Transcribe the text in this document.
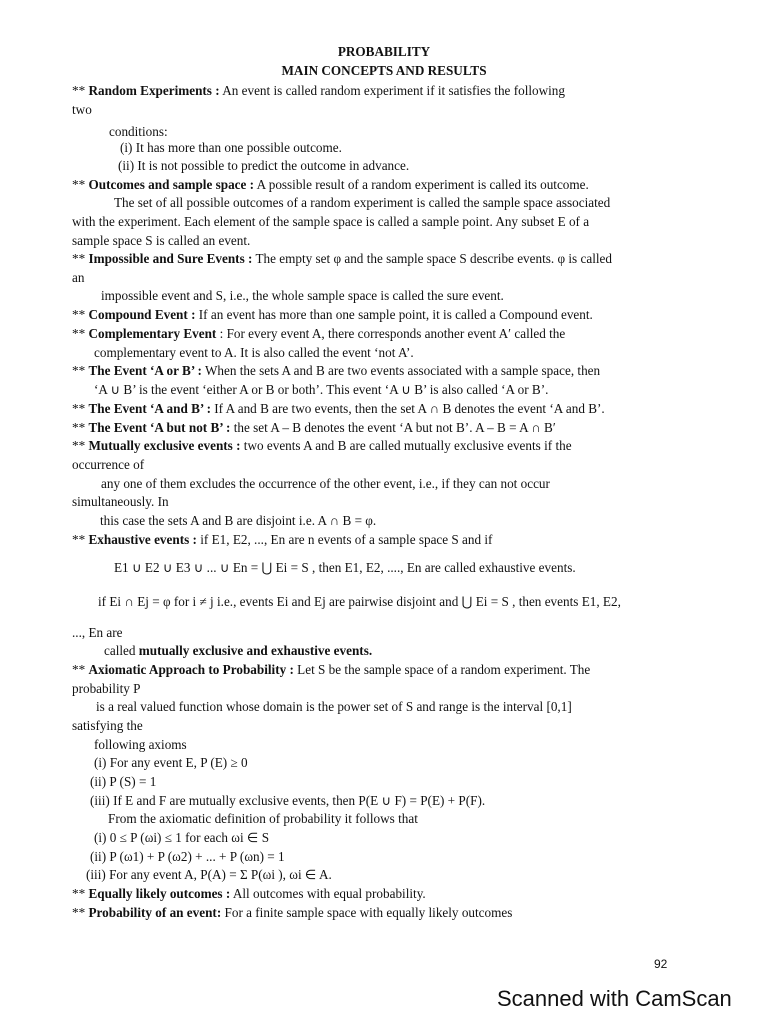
PROBABILITY
MAIN CONCEPTS AND RESULTS
** Random Experiments : An event is called random experiment if it satisfies the following
two
conditions:
(i) It has more than one possible outcome.
(ii) It is not possible to predict the outcome in advance.
** Outcomes and sample space : A possible result of a random experiment is called its outcome.
The set of all possible outcomes of a random experiment is called the sample space associated
with the experiment. Each element of the sample space is called a sample point. Any subset E of a
sample space S is called an event.
** Impossible and Sure Events : The empty set φ and the sample space S describe events. φ is called
an
impossible event and S, i.e., the whole sample space is called the sure event.
** Compound Event : If an event has more than one sample point, it is called a Compound event.
** Complementary Event : For every event A, there corresponds another event A′ called the
complementary event to A. It is also called the event ‘not A’.
** The Event ‘A or B’ : When the sets A and B are two events associated with a sample space, then
‘A ∪ B’ is the event ‘either A or B or both’. This event ‘A ∪ B’ is also called ‘A or B’.
** The Event ‘A and B’ : If A and B are two events, then the set A ∩ B denotes the event ‘A and B’.
** The Event ‘A but not B’ : the set A – B denotes the event ‘A but not B’. A – B = A ∩ B′
** Mutually exclusive events : two events A and B are called mutually exclusive events if the
occurrence of
any one of them excludes the occurrence of the other event, i.e., if they can not occur
simultaneously. In
this case the sets A and B are disjoint i.e. A ∩ B = φ.
** Exhaustive events : if E1, E2, ..., En are n events of a sample space S and if
E1 ∪ E2 ∪ E3 ∪ ... ∪ En = ⋃ Ei = S , then E1, E2, ...., En are called exhaustive events.
if Ei ∩ Ej = φ for i ≠ j i.e., events Ei and Ej are pairwise disjoint and ⋃ Ei = S , then events E1, E2,
..., En are
called mutually exclusive and exhaustive events.
** Axiomatic Approach to Probability : Let S be the sample space of a random experiment. The
probability P
is a real valued function whose domain is the power set of S and range is the interval [0,1]
satisfying the
following axioms
(i) For any event E, P (E) ≥ 0
(ii) P (S) = 1
(iii) If E and F are mutually exclusive events, then P(E ∪ F) = P(E) + P(F).
From the axiomatic definition of probability it follows that
(i) 0 ≤ P (ωi) ≤ 1 for each ωi ∈ S
(ii) P (ω1) + P (ω2) + ... + P (ωn) = 1
(iii) For any event A, P(A) = Σ P(ωi ), ωi ∈ A.
** Equally likely outcomes : All outcomes with equal probability.
** Probability of an event: For a finite sample space with equally likely outcomes
92
Scanned with CamScan
